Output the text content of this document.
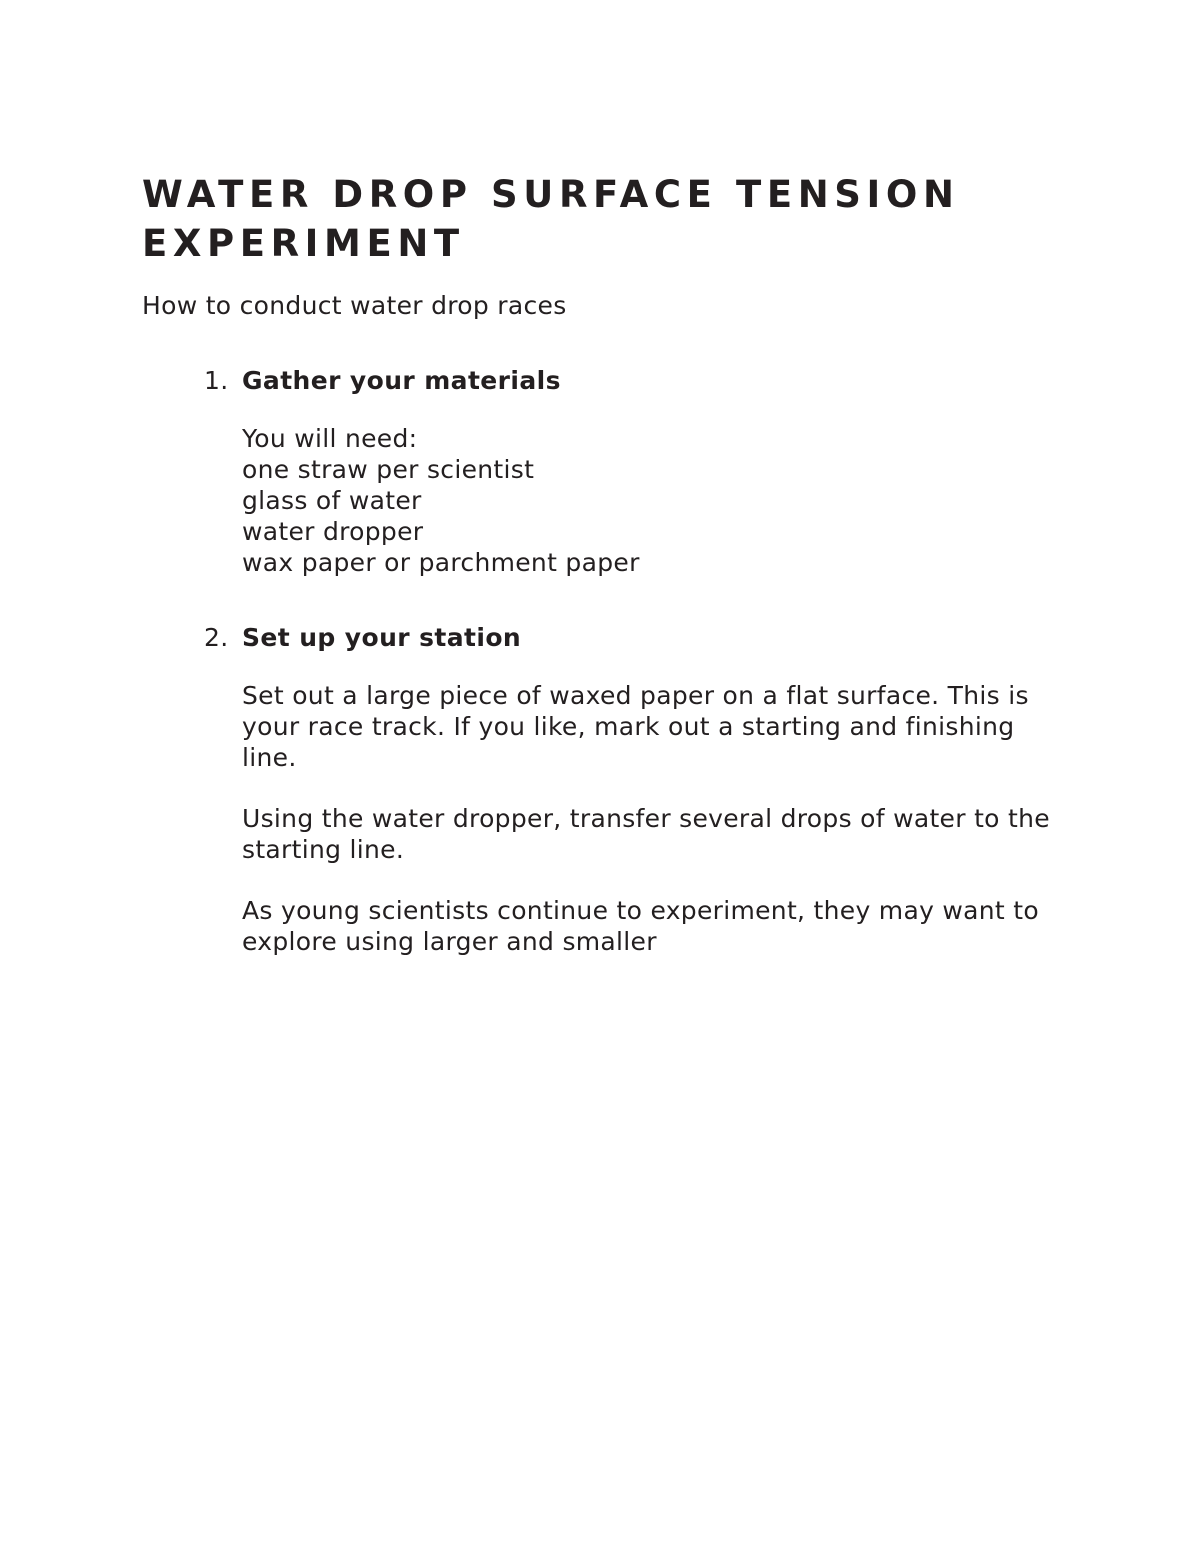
WATER DROP SURFACE TENSION EXPERIMENT

How to conduct water drop races

1. Gather your materials

You will need:
one straw per scientist
glass of water
water dropper
wax paper or parchment paper

2. Set up your station

Set out a large piece of waxed paper on a flat surface. This is your race track. If you like, mark out a starting and finishing line.

Using the water dropper, transfer several drops of water to the starting line.

As young scientists continue to experiment, they may want to explore using larger and smaller
